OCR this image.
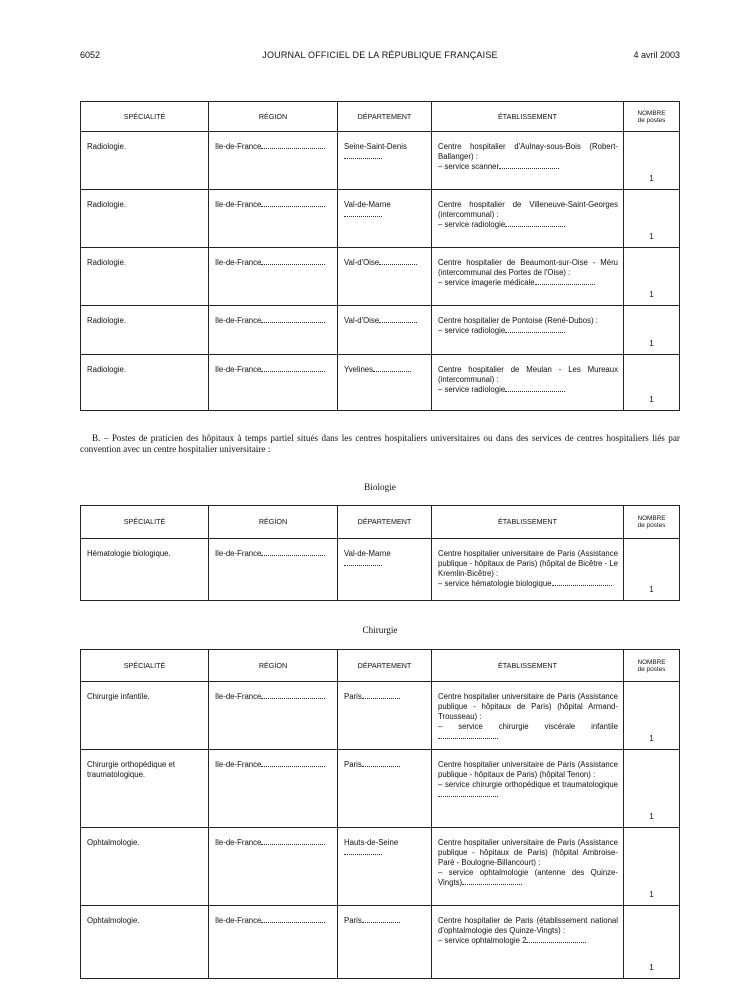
6052	JOURNAL OFFICIEL DE LA RÉPUBLIQUE FRANÇAISE	4 avril 2003
SPÉCIALITÉ	RÉGION	DÉPARTEMENT	ÉTABLISSEMENT	NOMBRE
de postes
Radiologie.	Ile-de-France	Seine-Saint-Denis	Centre hospitalier d'Aulnay-sous-Bois (Robert-Ballanger) :
– service scanner	1
Radiologie.	Ile-de-France	Val-de-Marne	Centre hospitalier de Villeneuve-Saint-Georges (intercommunal) :
– service radiologie	1
Radiologie.	Ile-de-France	Val-d'Oise	Centre hospitalier de Beaumont-sur-Oise - Méru (intercommunal des Portes de l'Oise) :
– service imagerie médicale	1
Radiologie.	Ile-de-France	Val-d'Oise	Centre hospitalier de Pontoise (René-Dubos) :
– service radiologie	1
Radiologie.	Ile-de-France	Yvelines	Centre hospitalier de Meulan - Les Mureaux (intercommunal) :
– service radiologie	1

B. – Postes de praticien des hôpitaux à temps partiel situés dans les centres hospitaliers universitaires ou dans des services de centres hospitaliers liés par convention avec un centre hospitalier universitaire :

Biologie
SPÉCIALITÉ	RÉGION	DÉPARTEMENT	ÉTABLISSEMENT	NOMBRE
de postes
Hématologie biologique.	Ile-de-France	Val-de-Marne	Centre hospitalier universitaire de Paris (Assistance publique - hôpitaux de Paris) (hôpital de Bicêtre - Le Kremlin-Bicêtre) :
– service hématologie biologique	1
Chirurgie
SPÉCIALITÉ	RÉGION	DÉPARTEMENT	ÉTABLISSEMENT	NOMBRE
de postes
Chirurgie infantile.	Ile-de-France	Paris	Centre hospitalier universitaire de Paris (Assistance publique - hôpitaux de Paris) (hôpital Armand-Trousseau) :
– service chirurgie viscérale infantile	1
Chirurgie orthopédique et traumatologique.	Ile-de-France	Paris	Centre hospitalier universitaire de Paris (Assistance publique - hôpitaux de Paris) (hôpital Tenon) :
– service chirurgie orthopédique et traumatologique	1
Ophtalmologie.	Ile-de-France	Hauts-de-Seine	Centre hospitalier universitaire de Paris (Assistance publique - hôpitaux de Paris) (hôpital Ambroise-Paré - Boulogne-Billancourt) :
– service ophtalmologie (antenne des Quinze-Vingts)	1
Ophtalmologie.	Ile-de-France	Paris	Centre hospitalier de Paris (établissement national d'ophtalmologie des Quinze-Vingts) :
– service ophtalmologie 2	1
